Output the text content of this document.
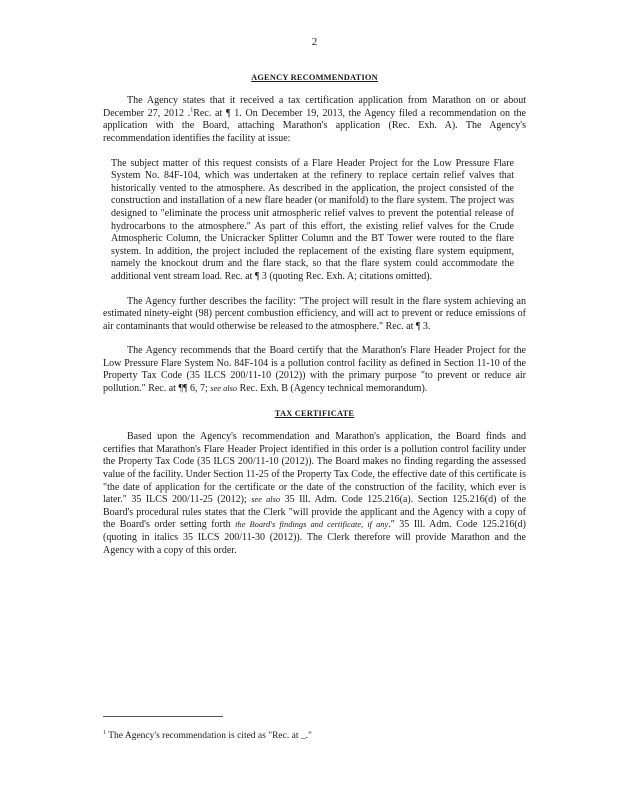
2
AGENCY RECOMMENDATION

The Agency states that it received a tax certification application from Marathon on or about December 27, 2012 .$^1$Rec. at ¶ 1. On December 19, 2013, the Agency filed a recommendation on the application with the Board, attaching Marathon's application (Rec. Exh. A). The Agency's recommendation identifies the facility at issue:

The subject matter of this request consists of a Flare Header Project for the Low Pressure Flare System No. 84F-104, which was undertaken at the refinery to replace certain relief valves that historically vented to the atmosphere. As described in the application, the project consisted of the construction and installation of a new flare header (or manifold) to the flare system. The project was designed to "eliminate the process unit atmospheric relief valves to prevent the potential release of hydrocarbons to the atmosphere." As part of this effort, the existing relief valves for the Crude Atmospheric Column, the Unicracker Splitter Column and the BT Tower were routed to the flare system. In addition, the project included the replacement of the existing flare system equipment, namely the knockout drum and the flare stack, so that the flare system could accommodate the additional vent stream load. Rec. at ¶ 3 (quoting Rec. Exh. A; citations omitted).

The Agency further describes the facility: "The project will result in the flare system achieving an estimated ninety-eight (98) percent combustion efficiency, and will act to prevent or reduce emissions of air contaminants that would otherwise be released to the atmosphere." Rec. at ¶ 3.

The Agency recommends that the Board certify that the Marathon's Flare Header Project for the Low Pressure Flare System No. 84F-104 is a pollution control facility as defined in Section 11-10 of the Property Tax Code (35 ILCS 200/11-10 (2012)) with the primary purpose "to prevent or reduce air pollution." Rec. at ¶¶ 6, 7; see also Rec. Exh. B (Agency technical memorandum).

TAX CERTIFICATE

Based upon the Agency's recommendation and Marathon's application, the Board finds and certifies that Marathon's Flare Header Project identified in this order is a pollution control facility under the Property Tax Code (35 ILCS 200/11-10 (2012)). The Board makes no finding regarding the assessed value of the facility. Under Section 11-25 of the Property Tax Code, the effective date of this certificate is "the date of application for the certificate or the date of the construction of the facility, which ever is later." 35 ILCS 200/11-25 (2012); see also 35 Ill. Adm. Code 125.216(a). Section 125.216(d) of the Board's procedural rules states that the Clerk "will provide the applicant and the Agency with a copy of the Board's order setting forth the Board's findings and certificate, if any." 35 Ill. Adm. Code 125.216(d) (quoting in italics 35 ILCS 200/11-30 (2012)). The Clerk therefore will provide Marathon and the Agency with a copy of this order.

$^1$ The Agency's recommendation is cited as "Rec. at _."
